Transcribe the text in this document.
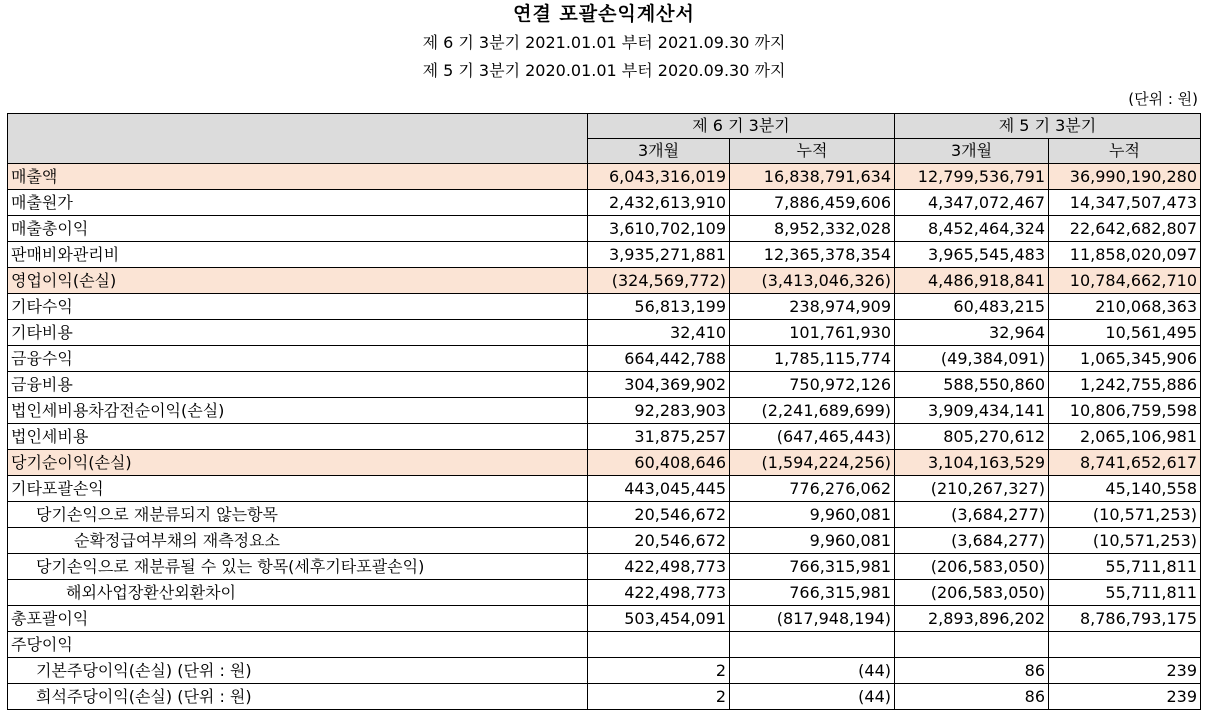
연결 포괄손익계산서
제 6 기 3분기 2021.01.01 부터 2021.09.30 까지
제 5 기 3분기 2020.01.01 부터 2020.09.30 까지
(단위 : 원)
	제 6 기 3분기		제 5 기 3분기	
	3개월	누적	3개월	누적
매출액	6,043,316,019	16,838,791,634	12,799,536,791	36,990,190,280
매출원가	2,432,613,910	7,886,459,606	4,347,072,467	14,347,507,473
매출총이익	3,610,702,109	8,952,332,028	8,452,464,324	22,642,682,807
판매비와관리비	3,935,271,881	12,365,378,354	3,965,545,483	11,858,020,097
영업이익(손실)	(324,569,772)	(3,413,046,326)	4,486,918,841	10,784,662,710
기타수익	56,813,199	238,974,909	60,483,215	210,068,363
기타비용	32,410	101,761,930	32,964	10,561,495
금융수익	664,442,788	1,785,115,774	(49,384,091)	1,065,345,906
금융비용	304,369,902	750,972,126	588,550,860	1,242,755,886
법인세비용차감전순이익(손실)	92,283,903	(2,241,689,699)	3,909,434,141	10,806,759,598
법인세비용	31,875,257	(647,465,443)	805,270,612	2,065,106,981
당기순이익(손실)	60,408,646	(1,594,224,256)	3,104,163,529	8,741,652,617
기타포괄손익	443,045,445	776,276,062	(210,267,327)	45,140,558
당기손익으로 재분류되지 않는항목	20,546,672	9,960,081	(3,684,277)	(10,571,253)
순확정급여부채의 재측정요소	20,546,672	9,960,081	(3,684,277)	(10,571,253)
당기손익으로 재분류될 수 있는 항목(세후기타포괄손익)	422,498,773	766,315,981	(206,583,050)	55,711,811
해외사업장환산외환차이	422,498,773	766,315,981	(206,583,050)	55,711,811
총포괄이익	503,454,091	(817,948,194)	2,893,896,202	8,786,793,175
주당이익				
기본주당이익(손실) (단위 : 원)	2	(44)	86	239
희석주당이익(손실) (단위 : 원)	2	(44)	86	239
